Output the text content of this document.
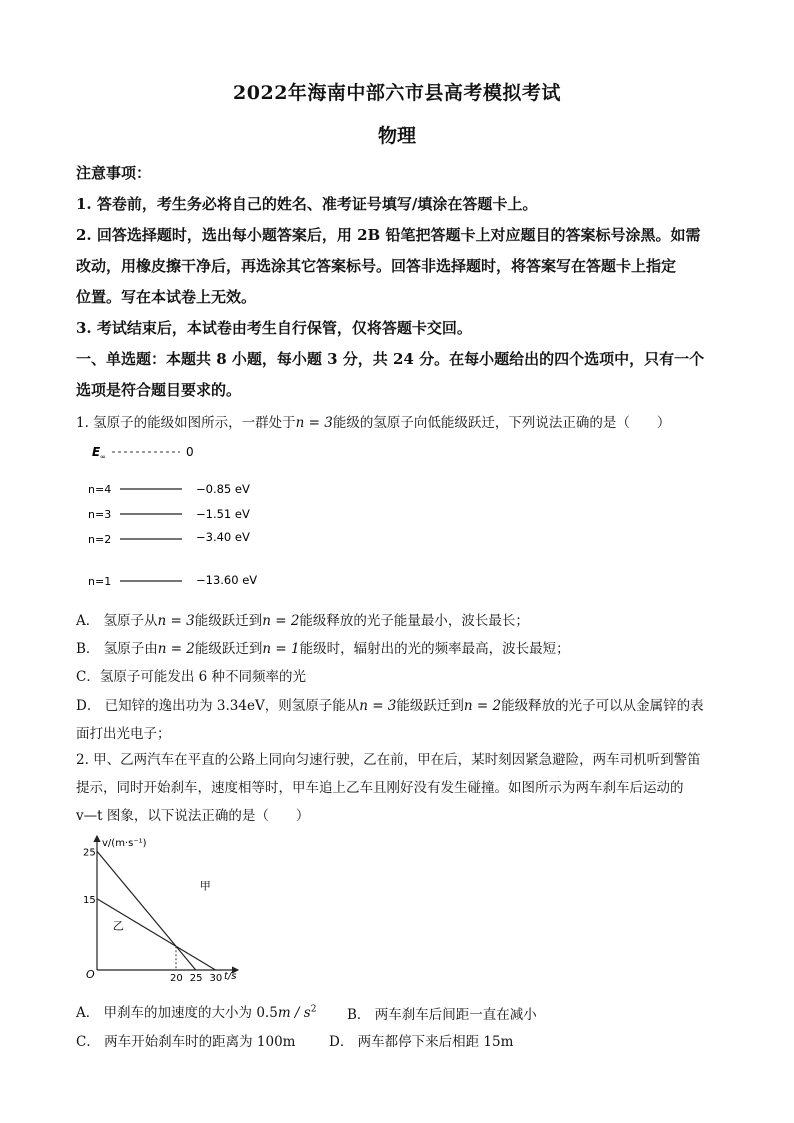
2022年海南中部六市县高考模拟考试
物理
注意事项：
1. 答卷前，考生务必将自己的姓名、准考证号填写/填涂在答题卡上。
2. 回答选择题时，选出每小题答案后，用 2B 铅笔把答题卡上对应题目的答案标号涂黑。如需
改动，用橡皮擦干净后，再选涂其它答案标号。回答非选择题时，将答案写在答题卡上指定
位置。写在本试卷上无效。
3. 考试结束后，本试卷由考生自行保管，仅将答题卡交回。
一、单选题：本题共 8 小题，每小题 3 分，共 24 分。在每小题给出的四个选项中，只有一个
选项是符合题目要求的。
1. 氢原子的能级如图所示，一群处于n = 3能级的氢原子向低能级跃迁，下列说法正确的是（　　）
E ∞	0
n=4	−0.85 eV
n=3	−1.51 eV
n=2	−3.40 eV
n=1	−13.60 eV
A． 氢原子从n = 3能级跃迁到n = 2能级释放的光子能量最小，波长最长；
B． 氢原子由n = 2能级跃迁到n = 1能级时，辐射出的光的频率最高，波长最短；
C．氢原子可能发出 6 种不同频率的光
D． 已知锌的逸出功为 3.34eV，则氢原子能从n = 3能级跃迁到n = 2能级释放的光子可以从金属锌的表
面打出光电子；
2. 甲、乙两汽车在平直的公路上同向匀速行驶，乙在前，甲在后，某时刻因紧急避险，两车司机听到警笛
提示，同时开始刹车，速度相等时，甲车追上乙车且刚好没有发生碰撞。如图所示为两车刹车后运动的
v—t 图象，以下说法正确的是（　　）
v/(m·s⁻¹)
t/s
O
甲
乙
20 25 30
25
15
A． 甲刹车的加速度的大小为 $0.5m / s^2$ B． 两车刹车后间距一直在减小
C． 两车开始刹车时的距离为 100m D． 两车都停下来后相距 15m
